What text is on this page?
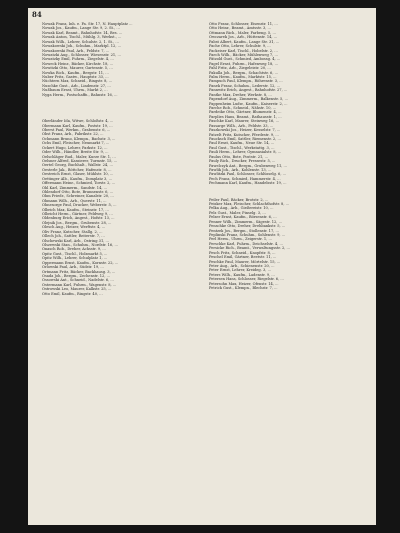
84
Nowak Franz, Inh. e. Fa. Str. 17, N. Hauptplatz ...
Nowak Jos., Kaufm., Lange Str. 9, 2. St., ...
Nowak Karl, Beamt., Bahnhofstr. 14, Bes. ...
Nowak Anton, Tischl., Mühlg. 3, Werkst., ...
Nowak Wilh., Lehrer, Schulstr. 2, 1. St., ...
Nowakowski Joh., Schuhm., Marktpl. 12, ...
Nowakowski Paul, Arb., Feldstr. 7, ...
Nowatzki Aug., Schlosser, Wiesenstr. 21, ...
Nowatzky Emil, Fuhrm., Ziegelstr. 4, ...
Noweck Heinr., Bäcker, Kirchstr. 18, ...
Nowitzki Otto, Maurer, Gartenstr. 5, ...
Nowka Rich., Kaufm., Bergstr. 11, ...
Nuber Fritz, Gastw., Hauptstr. 33, ...
Nüchtern Max, Schneid., Ringstr. 8, ...
Nuschke Gust., Arb., Lindenstr. 27, ...
Nußbaum Ernst, Uhrm., Markt 2, ...
Nyga Herm., Postschaffn., Bahnstr. 16, ...
Oberländer Ida, Witwe, Schloßstr. 4, ...
Obermann Karl, Kaufm., Poststr. 19, ...
Oberst Paul, Werkm., Grabenstr. 6, ...
Obst Franz, Arb., Fabrikstr. 22, ...
Ochmann Bruno, Klempn., Bachstr. 3, ...
Ochs Emil, Fleischer, Neumarkt 7, ...
Ockert Hugo, Lehrer, Parkstr. 12, ...
Oder Wilh., Händler, Breite Str. 9, ...
Oelschläger Rud., Maler, Kurze Str. 1, ...
Oelsner Alfred, Kassierer, Turmstr. 15, ...
Oertel Georg, Buchhalt., Wallstr. 24, ...
Oesterle Jak., Böttcher, Hafenstr. 8, ...
Oestreich Ernst, Glaser, Mühlstr. 10, ...
Oettinger Alb., Kaufm., Domplatz 3, ...
Offermann Heinr., Schmied, Torstr. 2, ...
Ohl Karl, Zimmerm., Sandstr. 14, ...
Ohlendorf Otto, Bote, Brunnenstr. 6, ...
Ohm Friedr., Schreiner, Kanalstr. 20, ...
Ohmann Wilh., Arb., Querstr. 11, ...
Ohnesorge Paul, Drucker, Weberstr. 5, ...
Olbrich Max, Kaufm., Steinstr. 17, ...
Olbricht Herm., Gärtner, Feldweg 9, ...
Oldenburg Erich, Angest., Hofstr. 13, ...
Olejnik Jos., Bergm., Grubenstr. 28, ...
Olesch Aug., Heizer, Werftstr. 4, ...
Oliv Franz, Kutscher, Stallg. 2, ...
Ollech Joh., Sattler, Reiterstr. 7, ...
Olschewski Karl, Arb., Ostring 31, ...
Olszewski Stan., Schuhm., Nordstr. 16, ...
Onasch Rob., Dreher, Achsstr. 9, ...
Opitz Gust., Tischl., Holzmarkt 5, ...
Opitz Wilh., Lehrer, Schulplatz 1, ...
Oppermann Ernst, Kaufm., Kornstr. 22, ...
Orlowski Paul, Arb., Südstr. 19, ...
Ortmann Fritz, Bäcker, Backhausg. 3, ...
Osada Joh., Bergm., Zechenstr. 12, ...
Ossowski Ant., Schneid., Nadelstr. 6, ...
Ostermann Karl, Fuhrm., Wagenstr. 8, ...
Ostrowski Leo, Maurer, Kalkstr. 25, ...
Otto Emil, Kaufm., Ringstr. 40, ...
Otto Franz, Schlosser, Eisenstr. 11, ...
Otto Heinr., Beamt., Amtsstr. 3, ...
Ottmann Rich., Maler, Farbeng. 5, ...
Owczarek Jos., Arb., Hüttenstr. 14, ...
Pabst Albert, Kaufm., Lange Str. 31, ...
Pache Otto, Lehrer, Schulstr. 9, ...
Packeiser Karl, Tischl., Hobelstr. 2, ...
Paech Wilh., Bäcker, Mühlenweg 7, ...
Pätzold Gust., Schmied, Ambossg. 4, ...
Pagel Ernst, Fuhrm., Hafenweg 18, ...
Pahl Fritz, Arb., Ziegeleistr. 20, ...
Pakulla Joh., Bergm., Schachtstr. 6, ...
Palm Herm., Kaufm., Marktstr. 15, ...
Pampuch Paul, Klempn., Röhrenstr. 3, ...
Panek Franz, Schuhm., Lederstr. 12, ...
Pannwitz Erich, Angest., Bahnhofstr. 27, ...
Pantke Max, Dreher, Werkstr. 8, ...
Papendorf Aug., Zimmerm., Balkenstr. 5, ...
Pappenheim Ludw., Kaufm., Kaiserstr. 2, ...
Parche Rob., Schneid., Nähstr. 10, ...
Pardeike Otto, Gärtner, Blumenstr. 4, ...
Parplies Hans, Beamt., Rathausstr. 1, ...
Paschke Karl, Maurer, Steinweg 16, ...
Passarge Wilh., Arb., Feldstr. 33, ...
Paszkowski Jos., Heizer, Kesselstr. 7, ...
Patzelt Fritz, Kutscher, Pferdestr. 9, ...
Paucksch Emil, Sattler, Riemenstr. 2, ...
Paul Ernst, Kaufm., Neue Str. 14, ...
Paul Gust., Tischl., Werkstattg. 3, ...
Pauli Herm., Lehrer, Gymnasialstr. 8, ...
Paulus Otto, Bote, Poststr. 21, ...
Pauly Rich., Drucker, Pressestr. 5, ...
Pawelczyk Ant., Bergm., Grubenweg 11, ...
Pawlik Joh., Arb., Kohlenstr. 13, ...
Pawlitzki Paul, Schlosser, Schlüsselg. 6, ...
Pech Franz, Schmied, Hammerstr. 4, ...
Pechmann Karl, Kaufm., Handelsstr. 19, ...
Peiler Paul, Bäcker, Brotstr. 2, ...
Peisker Max, Fleischer, Schlachthofstr. 8, ...
Pelka Aug., Arb., Gießereistr. 10, ...
Pelz Gust., Maler, Pinselg. 3, ...
Pelzer Ernst, Kaufm., Börsenstr. 6, ...
Penner Wilh., Zimmerm., Sägestr. 12, ...
Penschke Otto, Dreher, Drehbankstr. 5, ...
Pentzek Jos., Bergm., Stollenstr. 17, ...
Peplinski Franz, Schuhm., Sohlenstr. 9, ...
Perl Herm., Uhrm., Zeigerstr. 1, ...
Perschke Karl, Fuhrm., Deichselstr. 4, ...
Persicke Rich., Beamt., Verwaltungsstr. 2, ...
Pesch Fritz, Schneid., Knopfstr. 8, ...
Peschel Emil, Gärtner, Beetstr. 11, ...
Peschke Paul, Maurer, Mörtelstr. 15, ...
Peter Aug., Arb., Schienenstr. 20, ...
Peter Ernst, Lehrer, Kreideg. 3, ...
Peters Wilh., Kaufm., Ladenstr. 9, ...
Petersen Hans, Schlosser, Riegelstr. 6, ...
Petersohn Max, Heizer, Ofenstr. 14, ...
Petrick Gust., Klempn., Blechstr. 7, ...
